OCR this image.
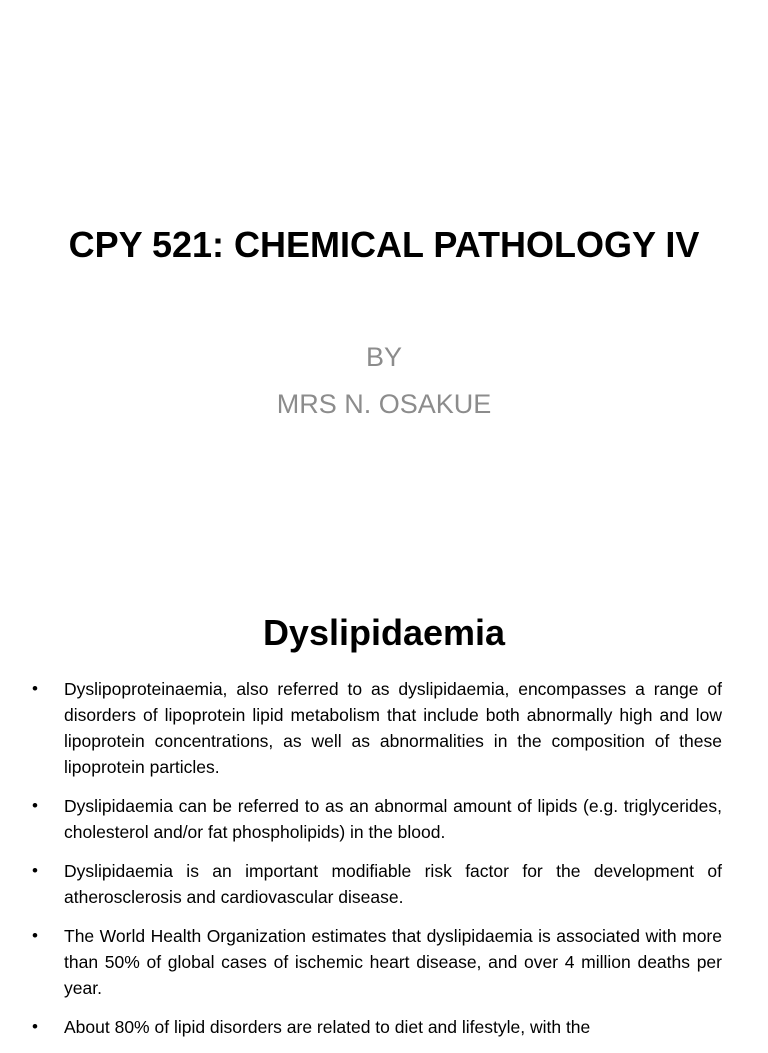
CPY 521: CHEMICAL PATHOLOGY IV
BY
MRS N. OSAKUE
Dyslipidaemia
• Dyslipoproteinaemia, also referred to as dyslipidaemia, encompasses a range of disorders of lipoprotein lipid metabolism that include both abnormally high and low lipoprotein concentrations, as well as abnormalities in the composition of these lipoprotein particles.
• Dyslipidaemia can be referred to as an abnormal amount of lipids (e.g. triglycerides, cholesterol and/or fat phospholipids) in the blood.
• Dyslipidaemia is an important modifiable risk factor for the development of atherosclerosis and cardiovascular disease.
• The World Health Organization estimates that dyslipidaemia is associated with more than 50% of global cases of ischemic heart disease, and over 4 million deaths per year.
• About 80% of lipid disorders are related to diet and lifestyle, with the
